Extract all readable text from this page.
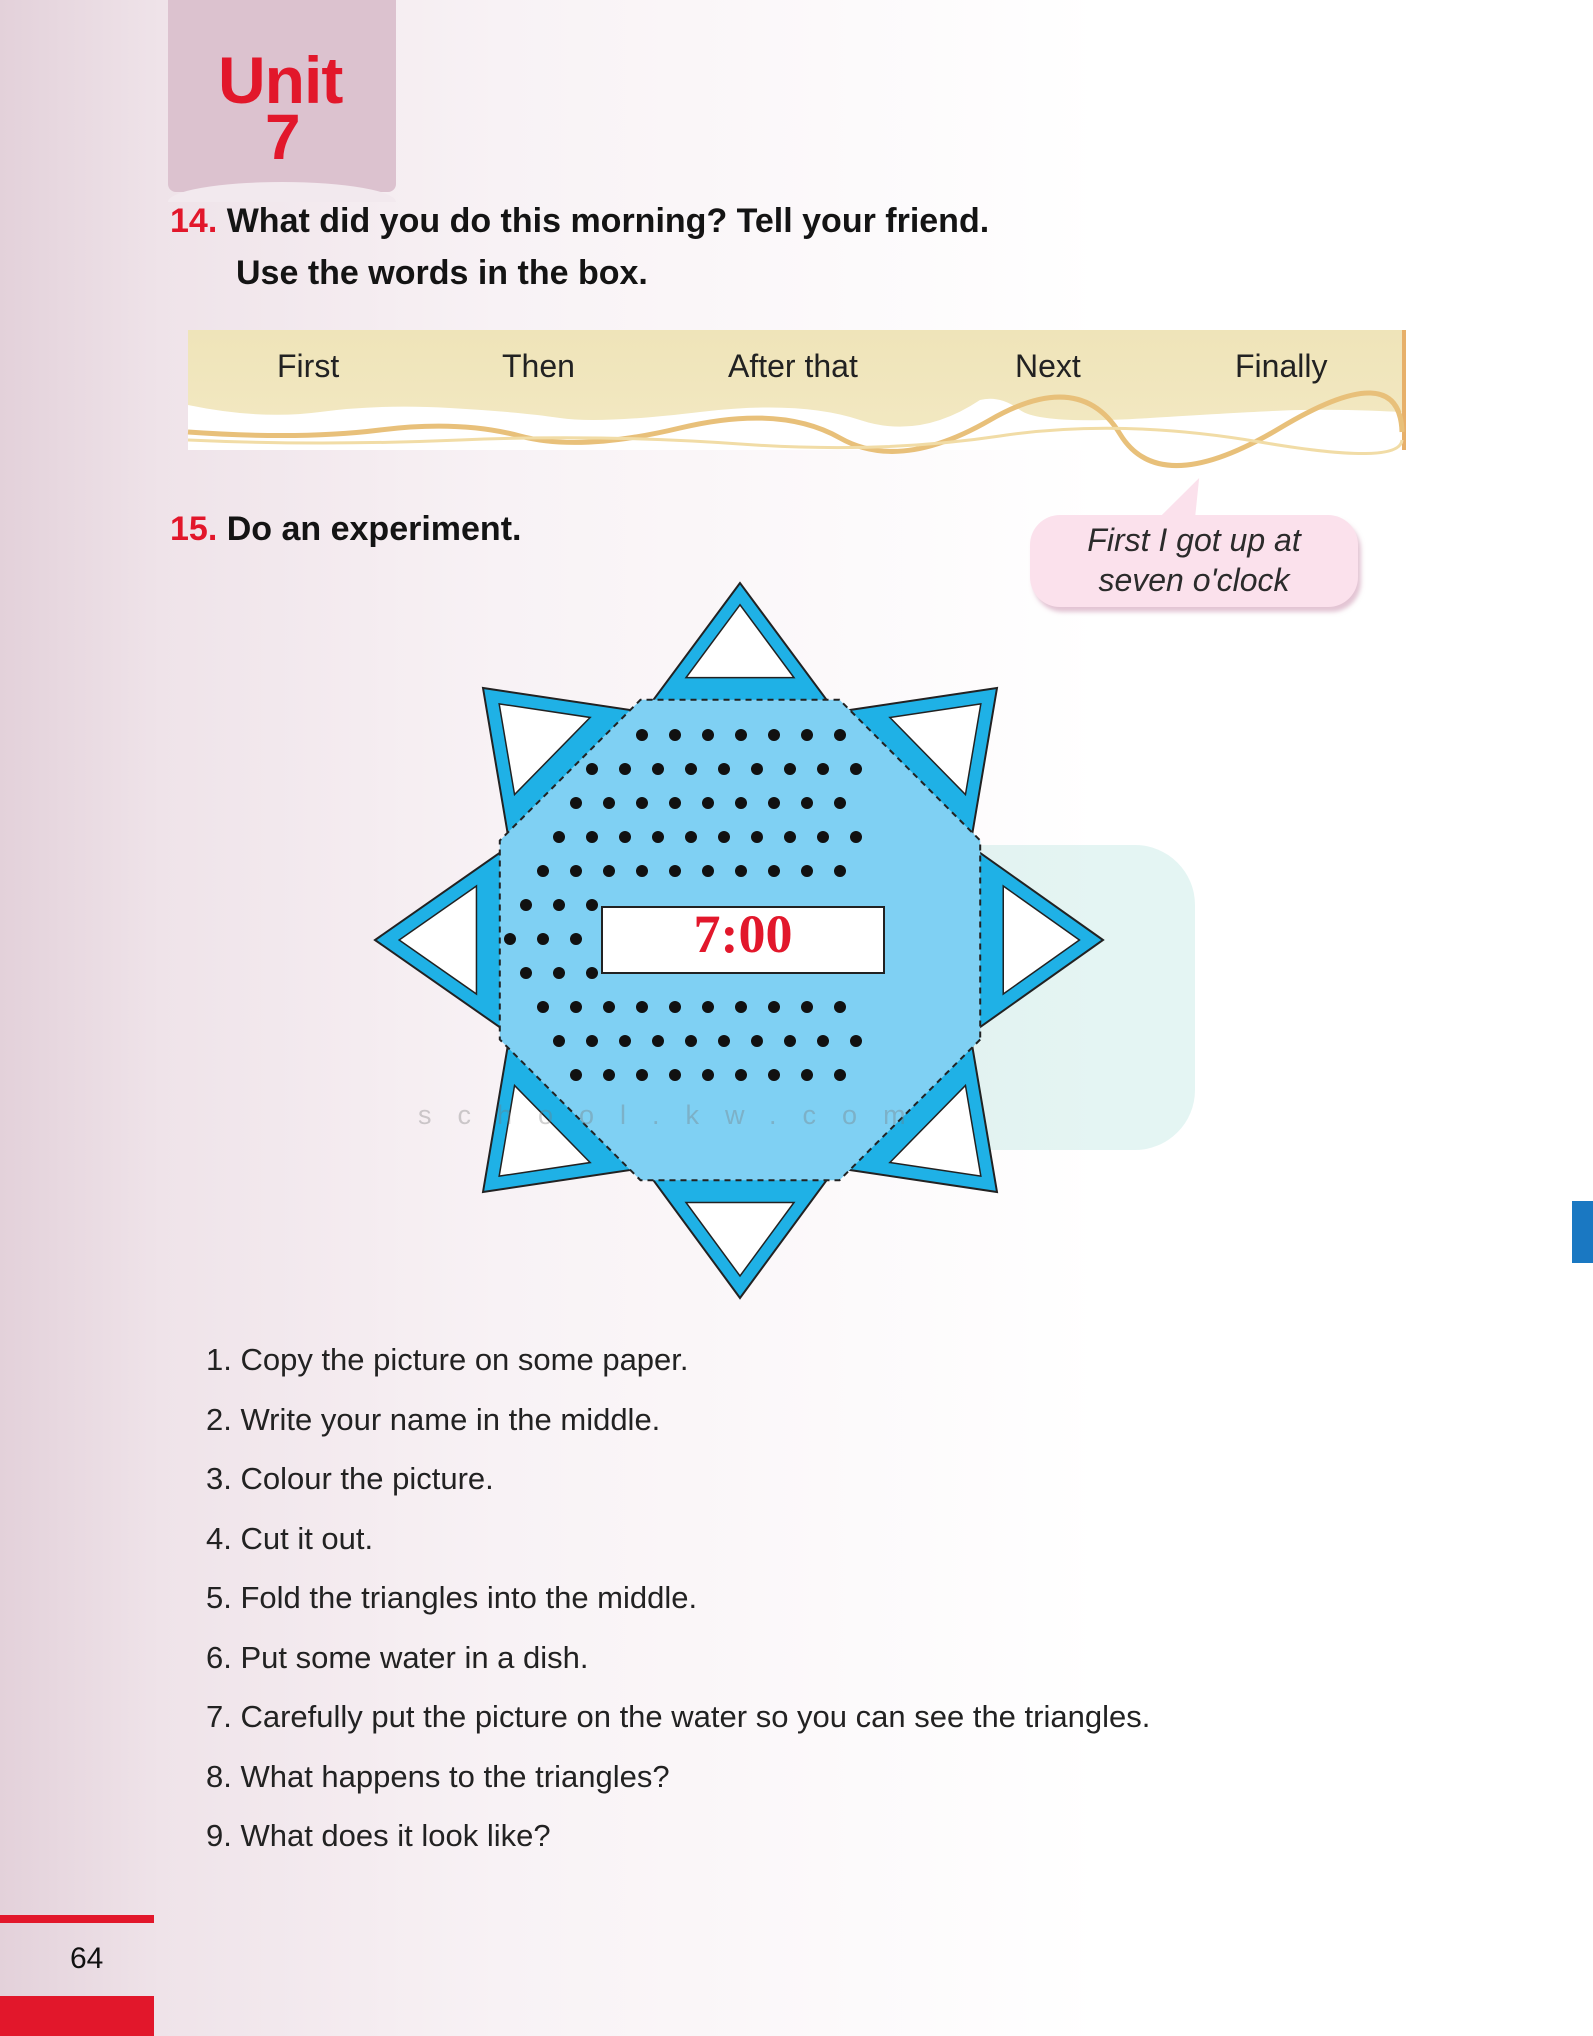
Unit
7
14. What did you do this morning? Tell your friend.
Use the words in the box.
First	Then	After that	Next	Finally
15. Do an experiment.	First I got up at
seven o'clock
7:00
school.kw.com
1. Copy the picture on some paper.
2. Write your name in the middle.
3. Colour the picture.
4. Cut it out.
5. Fold the triangles into the middle.
6. Put some water in a dish.
7. Carefully put the picture on the water so you can see the triangles.
8. What happens to the triangles?
9. What does it look like?
64
